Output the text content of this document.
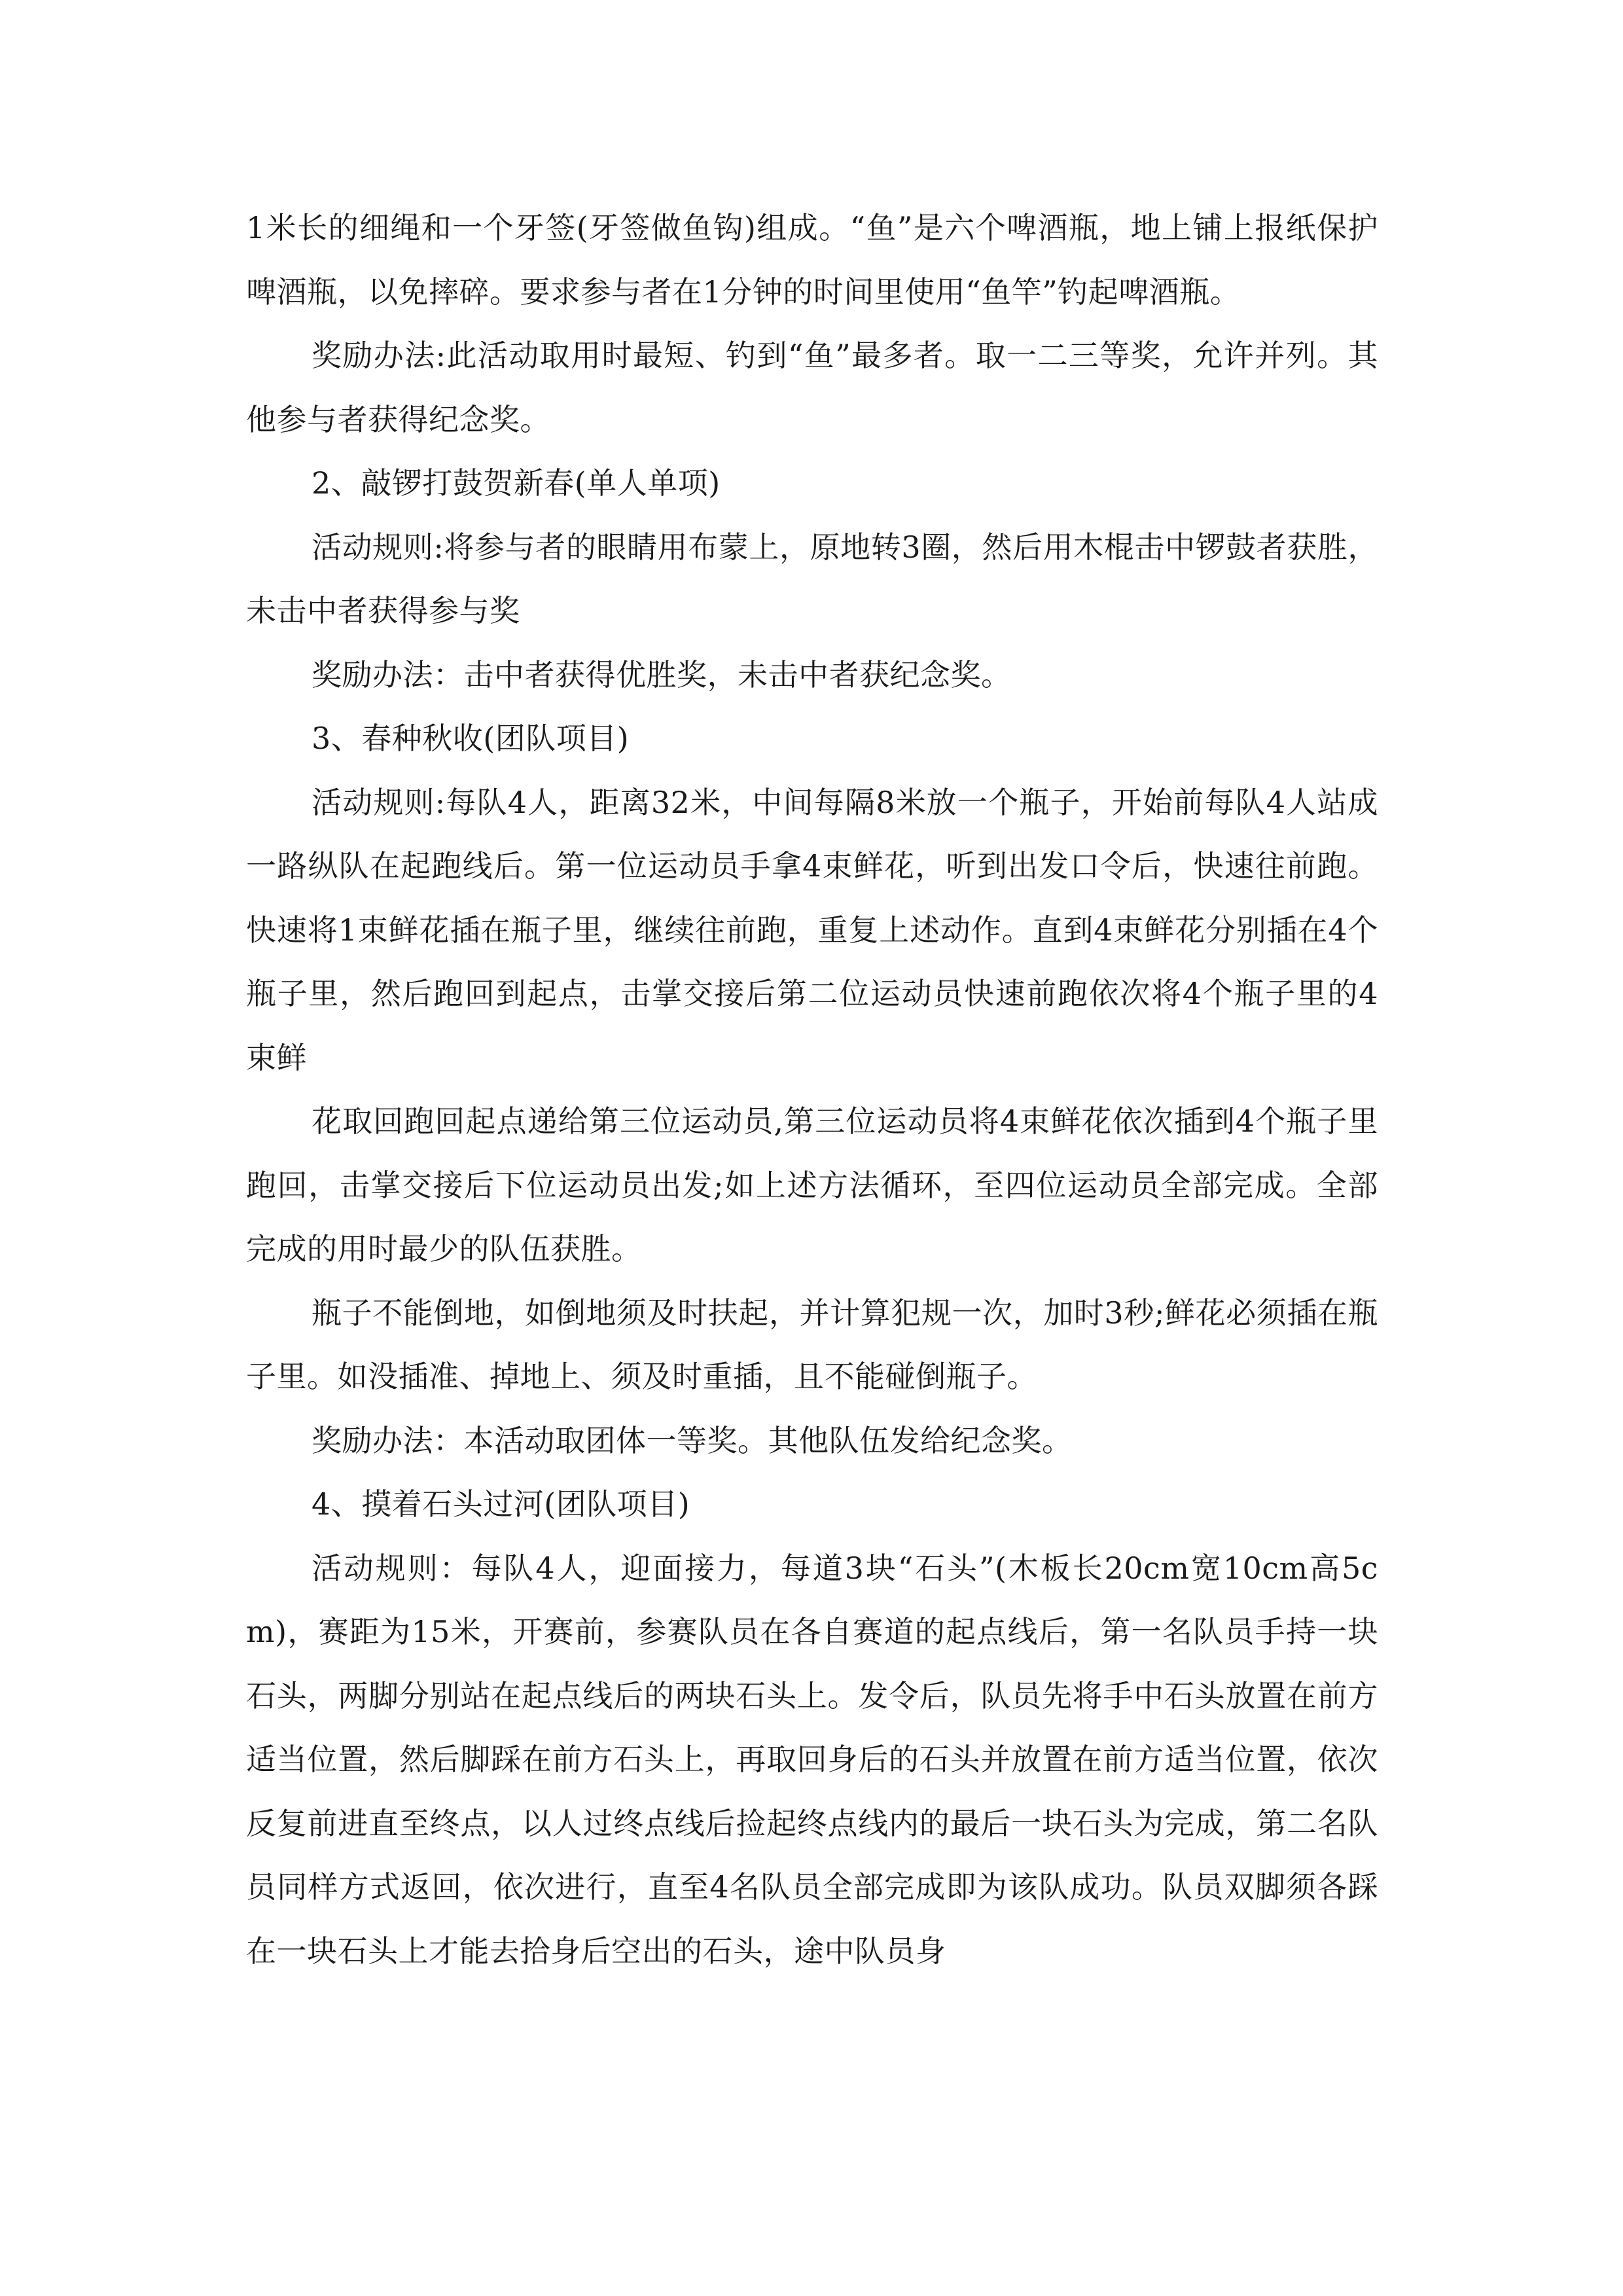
1米长的细绳和一个牙签(牙签做鱼钩)组成。“鱼”是六个啤酒瓶，地上铺上报纸保护啤酒瓶，以免摔碎。要求参与者在1分钟的时间里使用“鱼竿”钓起啤酒瓶。

奖励办法:此活动取用时最短、钓到“鱼”最多者。取一二三等奖，允许并列。其他参与者获得纪念奖。

2、敲锣打鼓贺新春(单人单项)

活动规则:将参与者的眼睛用布蒙上，原地转3圈，然后用木棍击中锣鼓者获胜，未击中者获得参与奖

奖励办法：击中者获得优胜奖，未击中者获纪念奖。

3、春种秋收(团队项目)

活动规则:每队4人，距离32米，中间每隔8米放一个瓶子，开始前每队4人站成一路纵队在起跑线后。第一位运动员手拿4束鲜花，听到出发口令后，快速往前跑。快速将1束鲜花插在瓶子里，继续往前跑，重复上述动作。直到4束鲜花分别插在4个瓶子里，然后跑回到起点，击掌交接后第二位运动员快速前跑依次将4个瓶子里的4束鲜

花取回跑回起点递给第三位运动员,第三位运动员将4束鲜花依次插到4个瓶子里跑回，击掌交接后下位运动员出发;如上述方法循环，至四位运动员全部完成。全部完成的用时最少的队伍获胜。

瓶子不能倒地，如倒地须及时扶起，并计算犯规一次，加时3秒;鲜花必须插在瓶子里。如没插准、掉地上、须及时重插，且不能碰倒瓶子。

奖励办法：本活动取团体一等奖。其他队伍发给纪念奖。

4、摸着石头过河(团队项目)

活动规则：每队4人，迎面接力，每道3块“石头”(木板长20cm宽10cm高5cm)，赛距为15米，开赛前，参赛队员在各自赛道的起点线后，第一名队员手持一块石头，两脚分别站在起点线后的两块石头上。发令后，队员先将手中石头放置在前方适当位置，然后脚踩在前方石头上，再取回身后的石头并放置在前方适当位置，依次反复前进直至终点，以人过终点线后捡起终点线内的最后一块石头为完成，第二名队员同样方式返回，依次进行，直至4名队员全部完成即为该队成功。队员双脚须各踩在一块石头上才能去拾身后空出的石头，途中队员身
